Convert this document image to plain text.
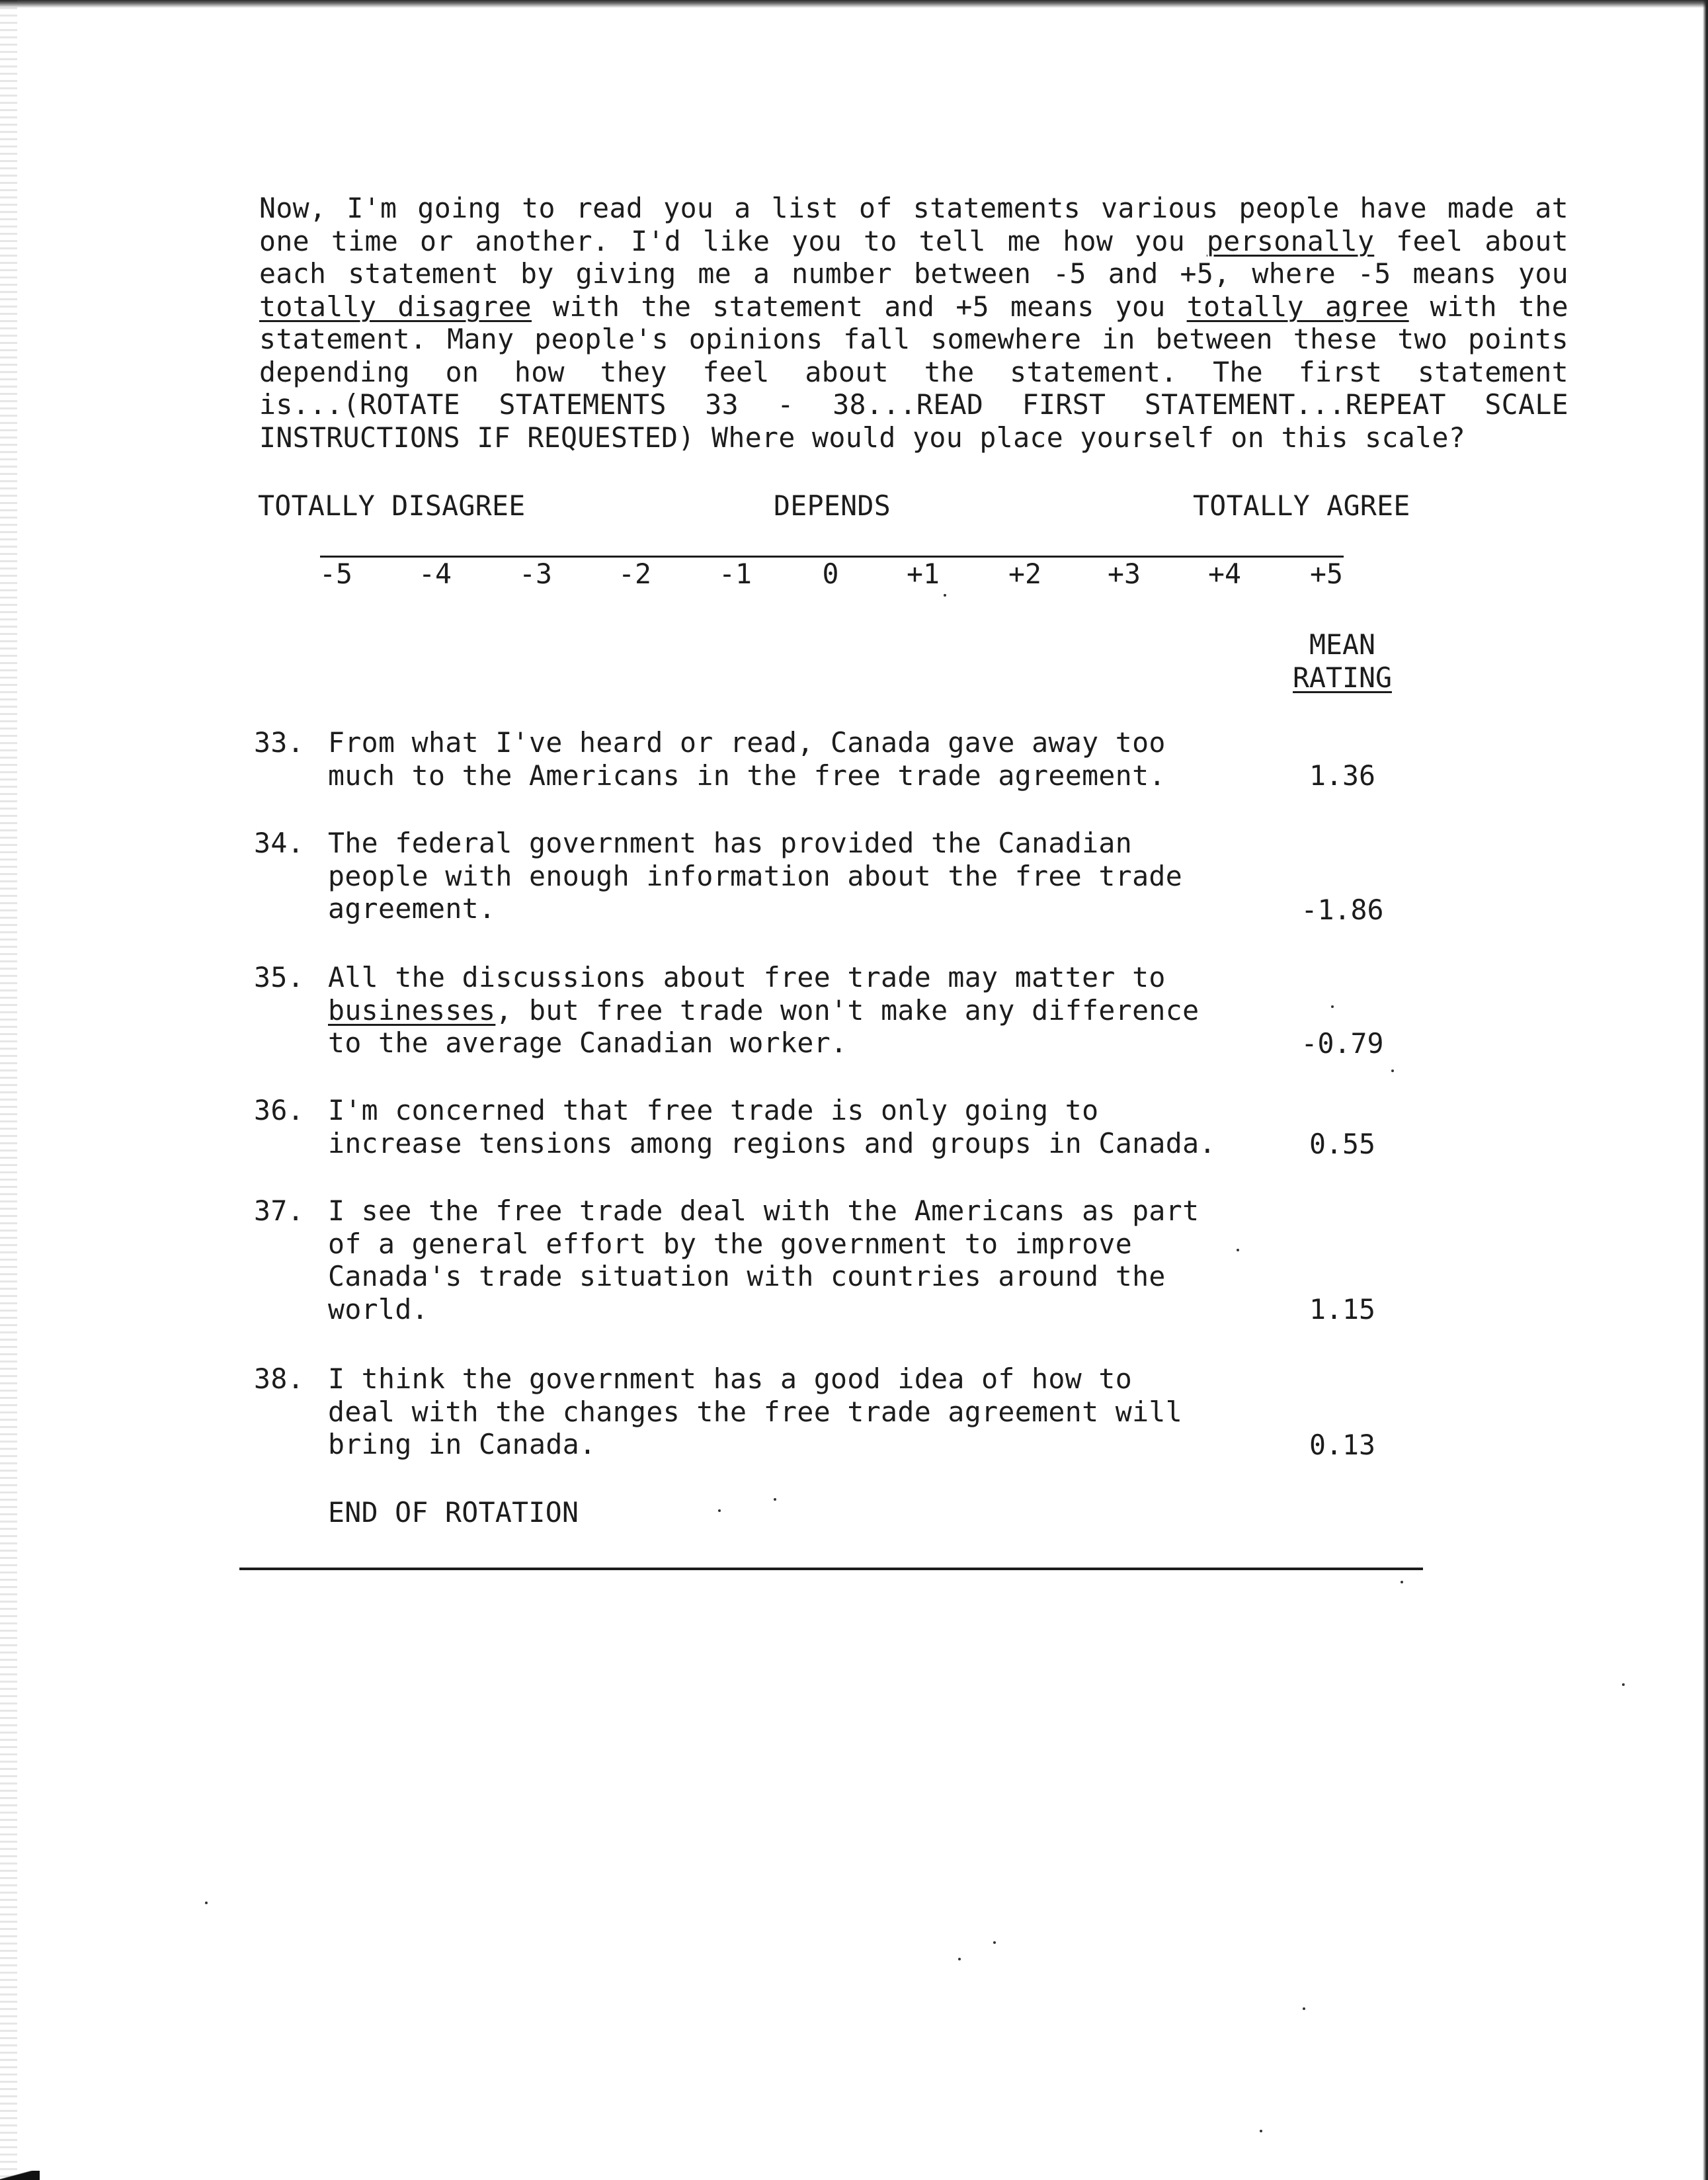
Now, I'm going to read you a list of statements various people have made at
one time or another. I'd like you to tell me how you personally feel about
each statement by giving me a number between -5 and +5, where -5 means you
totally disagree with the statement and +5 means you totally agree with the
statement. Many people's opinions fall somewhere in between these two points
depending on how they feel about the statement. The first statement
is...(ROTATE STATEMENTS 33 - 38...READ FIRST STATEMENT...REPEAT SCALE
INSTRUCTIONS IF REQUESTED) Where would you place yourself on this scale?
TOTALLY DISAGREE	DEPENDS	TOTALLY AGREE
-5	-4	-3	-2	-1	0	+1	+2	+3	+4	+5
MEAN
RATING
33. From what I've heard or read, Canada gave away too
much to the Americans in the free trade agreement.	1.36
34. The federal government has provided the Canadian
people with enough information about the free trade
agreement.	-1.86
35. All the discussions about free trade may matter to
businesses, but free trade won't make any difference
to the average Canadian worker.	-0.79
36. I'm concerned that free trade is only going to
increase tensions among regions and groups in Canada.	0.55
37. I see the free trade deal with the Americans as part
of a general effort by the government to improve
Canada's trade situation with countries around the
world.	1.15
38. I think the government has a good idea of how to
deal with the changes the free trade agreement will
bring in Canada.	0.13
END OF ROTATION
